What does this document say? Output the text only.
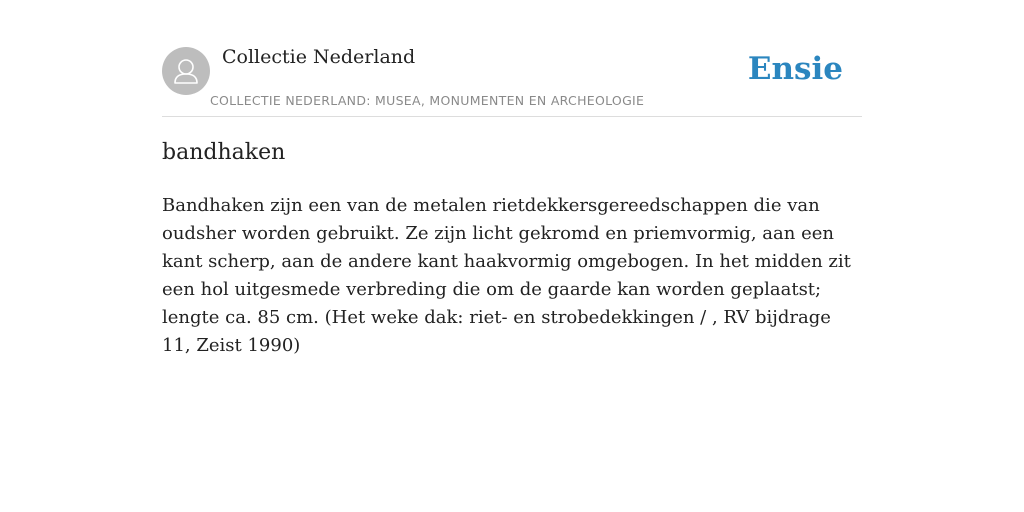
Collectie Nederland
COLLECTIE NEDERLAND: MUSEA, MONUMENTEN EN ARCHEOLOGIE
Ensie
bandhaken

Bandhaken zijn een van de metalen rietdekkersgereedschappen die van oudsher worden gebruikt. Ze zijn licht gekromd en priemvormig, aan een kant scherp, aan de andere kant haakvormig omgebogen. In het midden zit een hol uitgesmede verbreding die om de gaarde kan worden geplaatst; lengte ca. 85 cm. (Het weke dak: riet- en strobedekkingen / , RV bijdrage 11, Zeist 1990)
